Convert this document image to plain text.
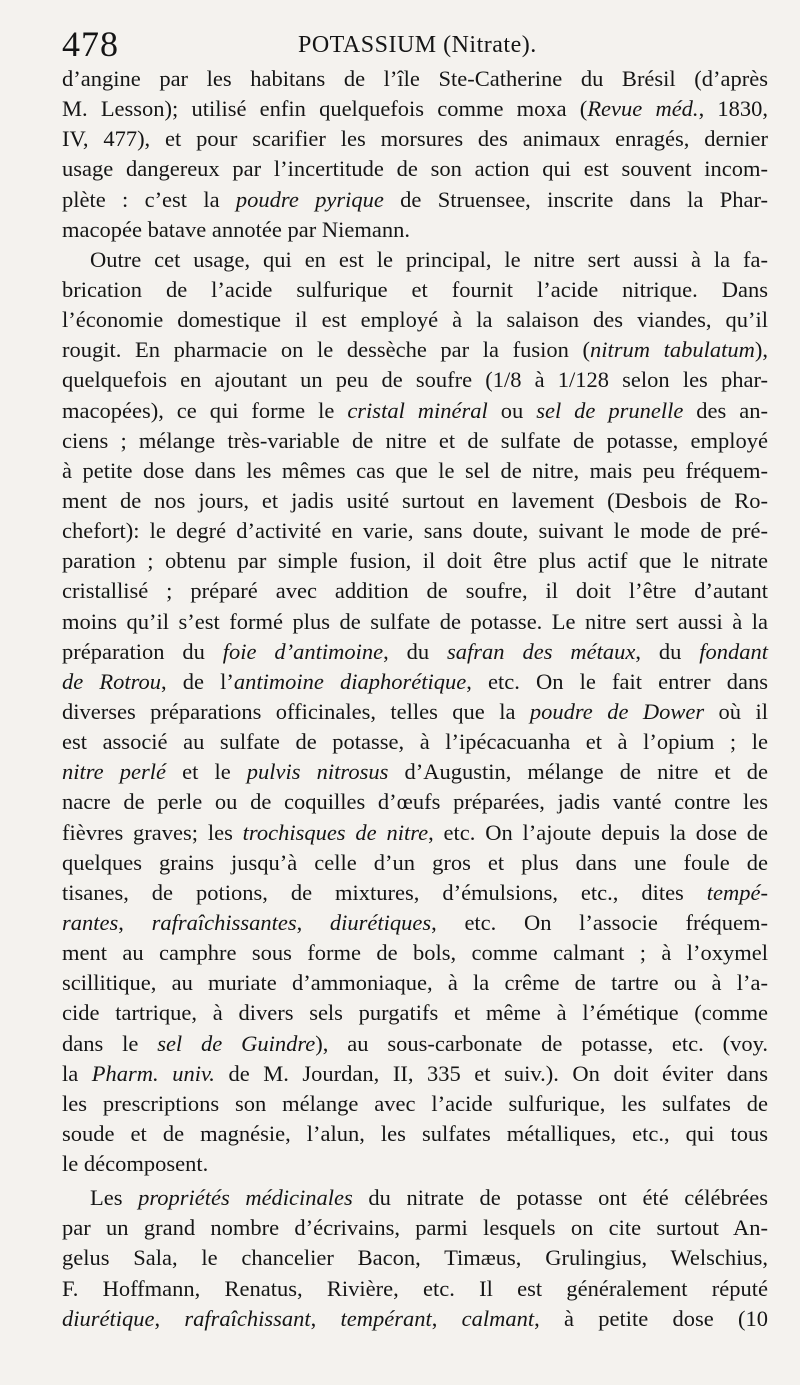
478	POTASSIUM (Nitrate).
d’angine par les habitans de l’île Ste-Catherine du Brésil (d’après
M. Lesson); utilisé enfin quelquefois comme moxa (Revue méd., 1830,
IV, 477), et pour scarifier les morsures des animaux enragés, dernier
usage dangereux par l’incertitude de son action qui est souvent incom-
plète : c’est la poudre pyrique de Struensee, inscrite dans la Phar-
macopée batave annotée par Niemann.
Outre cet usage, qui en est le principal, le nitre sert aussi à la fa-
brication de l’acide sulfurique et fournit l’acide nitrique. Dans
l’économie domestique il est employé à la salaison des viandes, qu’il
rougit. En pharmacie on le dessèche par la fusion (nitrum tabulatum),
quelquefois en ajoutant un peu de soufre (1/8 à 1/128 selon les phar-
macopées), ce qui forme le cristal minéral ou sel de prunelle des an-
ciens ; mélange très-variable de nitre et de sulfate de potasse, employé
à petite dose dans les mêmes cas que le sel de nitre, mais peu fréquem-
ment de nos jours, et jadis usité surtout en lavement (Desbois de Ro-
chefort): le degré d’activité en varie, sans doute, suivant le mode de pré-
paration ; obtenu par simple fusion, il doit être plus actif que le nitrate
cristallisé ; préparé avec addition de soufre, il doit l’être d’autant
moins qu’il s’est formé plus de sulfate de potasse. Le nitre sert aussi à la
préparation du foie d’antimoine, du safran des métaux, du fondant
de Rotrou, de l’antimoine diaphorétique, etc. On le fait entrer dans
diverses préparations officinales, telles que la poudre de Dower où il
est associé au sulfate de potasse, à l’ipécacuanha et à l’opium ; le
nitre perlé et le pulvis nitrosus d’Augustin, mélange de nitre et de
nacre de perle ou de coquilles d’œufs préparées, jadis vanté contre les
fièvres graves; les trochisques de nitre, etc. On l’ajoute depuis la dose de
quelques grains jusqu’à celle d’un gros et plus dans une foule de
tisanes, de potions, de mixtures, d’émulsions, etc., dites tempé-
rantes, rafraîchissantes, diurétiques, etc. On l’associe fréquem-
ment au camphre sous forme de bols, comme calmant ; à l’oxymel
scillitique, au muriate d’ammoniaque, à la crême de tartre ou à l’a-
cide tartrique, à divers sels purgatifs et même à l’émétique (comme
dans le sel de Guindre), au sous-carbonate de potasse, etc. (voy.
la Pharm. univ. de M. Jourdan, II, 335 et suiv.). On doit éviter dans
les prescriptions son mélange avec l’acide sulfurique, les sulfates de
soude et de magnésie, l’alun, les sulfates métalliques, etc., qui tous
le décomposent.
Les propriétés médicinales du nitrate de potasse ont été célébrées
par un grand nombre d’écrivains, parmi lesquels on cite surtout An-
gelus Sala, le chancelier Bacon, Timæus, Grulingius, Welschius,
F. Hoffmann, Renatus, Rivière, etc. Il est généralement réputé
diurétique, rafraîchissant, tempérant, calmant, à petite dose (10
